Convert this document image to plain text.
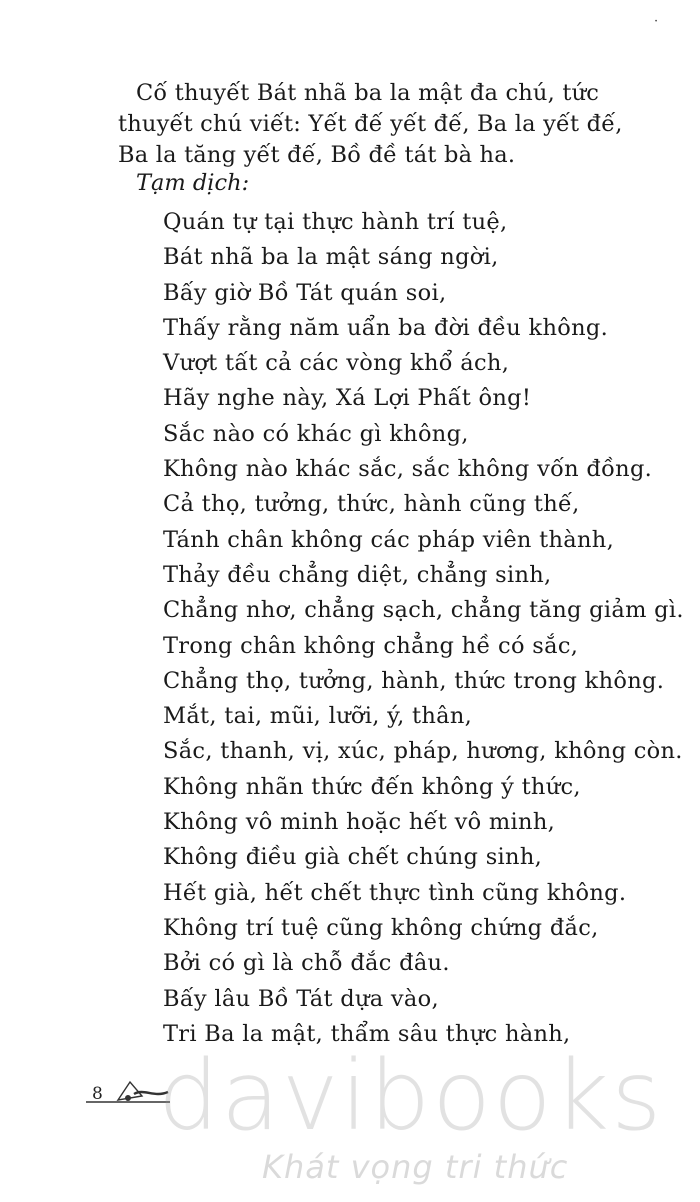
·
Cố thuyết Bát nhã ba la mật đa chú, tức thuyết chú viết: Yết đế yết đế, Ba la yết đế, Ba la tăng yết đế, Bồ đề tát bà ha.
Tạm dịch:
Quán tự tại thực hành trí tuệ,
Bát nhã ba la mật sáng ngời,
Bấy giờ Bồ Tát quán soi,
Thấy rằng năm uẩn ba đời đều không.
Vượt tất cả các vòng khổ ách,
Hãy nghe này, Xá Lợi Phất ông!
Sắc nào có khác gì không,
Không nào khác sắc, sắc không vốn đồng.
Cả thọ, tưởng, thức, hành cũng thế,
Tánh chân không các pháp viên thành,
Thảy đều chẳng diệt, chẳng sinh,
Chẳng nhơ, chẳng sạch, chẳng tăng giảm gì.
Trong chân không chẳng hề có sắc,
Chẳng thọ, tưởng, hành, thức trong không.
Mắt, tai, mũi, lưỡi, ý, thân,
Sắc, thanh, vị, xúc, pháp, hương, không còn.
Không nhãn thức đến không ý thức,
Không vô minh hoặc hết vô minh,
Không điều già chết chúng sinh,
Hết già, hết chết thực tình cũng không.
Không trí tuệ cũng không chứng đắc,
Bởi có gì là chỗ đắc đâu.
Bấy lâu Bồ Tát dựa vào,
Tri Ba la mật, thẩm sâu thực hành,
8 davibooks
Khát vọng tri thức
